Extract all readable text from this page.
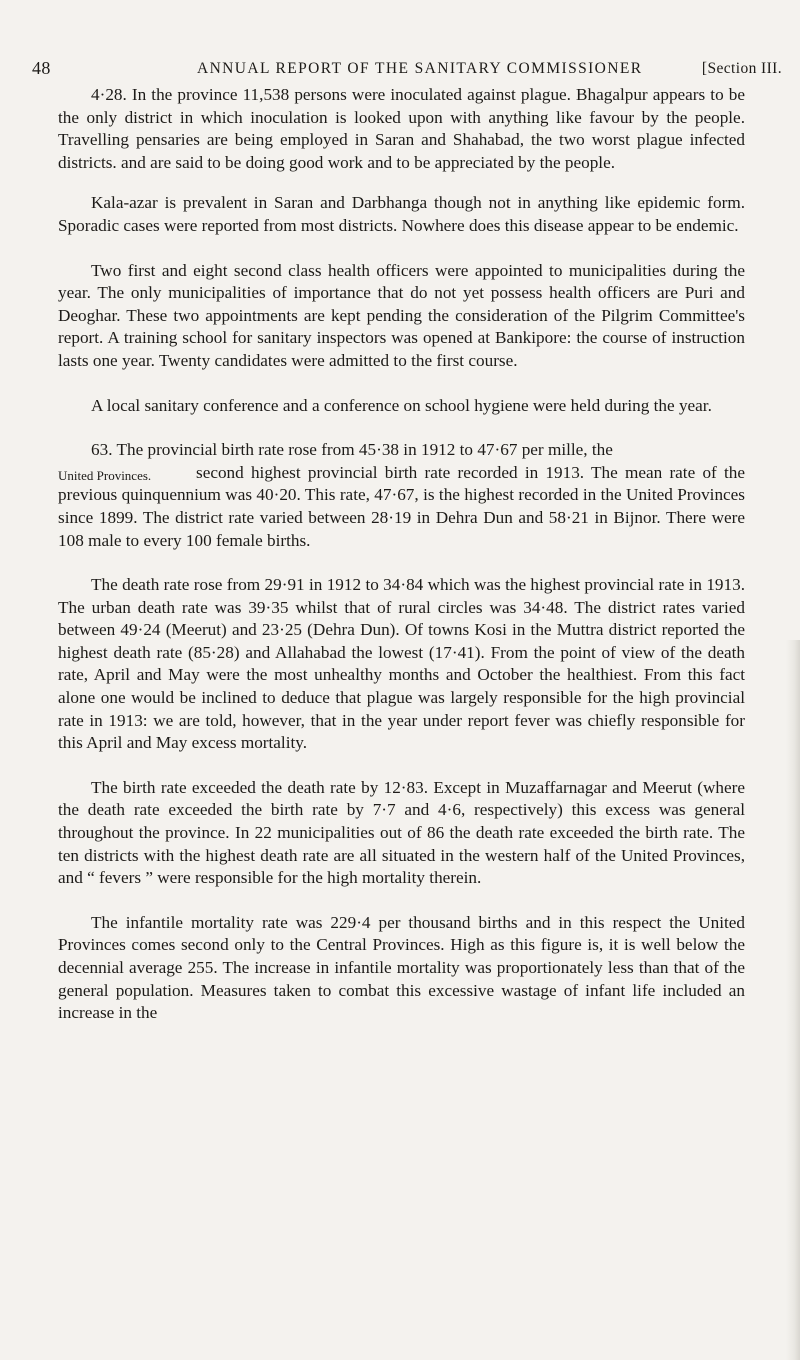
48	ANNUAL REPORT OF THE SANITARY COMMISSIONER	[Section III.

4·28. In the province 11,538 persons were inoculated against plague. Bhagalpur appears to be the only district in which inoculation is looked upon with anything like favour by the people. Travelling pensaries are being employed in Saran and Shahabad, the two worst plague infected districts. and are said to be doing good work and to be appreciated by the people.

Kala-azar is prevalent in Saran and Darbhanga though not in anything like epidemic form. Sporadic cases were reported from most districts. Nowhere does this disease appear to be endemic.

Two first and eight second class health officers were appointed to municipalities during the year. The only municipalities of importance that do not yet possess health officers are Puri and Deoghar. These two appointments are kept pending the consideration of the Pilgrim Committee's report. A training school for sanitary inspectors was opened at Bankipore: the course of instruction lasts one year. Twenty candidates were admitted to the first course.

A local sanitary conference and a conference on school hygiene were held during the year.

63. The provincial birth rate rose from 45·38 in 1912 to 47·67 per mille, the

United Provinces.	second highest provincial birth rate recorded in 1913. The mean rate of the previous quinquennium was 40·20. This rate, 47·67, is the highest recorded in the United Provinces since 1899. The district rate varied between 28·19 in Dehra Dun and 58·21 in Bijnor. There were 108 male to every 100 female births.

The death rate rose from 29·91 in 1912 to 34·84 which was the highest provincial rate in 1913. The urban death rate was 39·35 whilst that of rural circles was 34·48. The district rates varied between 49·24 (Meerut) and 23·25 (Dehra Dun). Of towns Kosi in the Muttra district reported the highest death rate (85·28) and Allahabad the lowest (17·41). From the point of view of the death rate, April and May were the most unhealthy months and October the healthiest. From this fact alone one would be inclined to deduce that plague was largely responsible for the high provincial rate in 1913: we are told, however, that in the year under report fever was chiefly responsible for this April and May excess mortality.

The birth rate exceeded the death rate by 12·83. Except in Muzaffarnagar and Meerut (where the death rate exceeded the birth rate by 7·7 and 4·6, respectively) this excess was general throughout the province. In 22 municipalities out of 86 the death rate exceeded the birth rate. The ten districts with the highest death rate are all situated in the western half of the United Provinces, and “ fevers ” were responsible for the high mortality therein.

The infantile mortality rate was 229·4 per thousand births and in this respect the United Provinces comes second only to the Central Provinces. High as this figure is, it is well below the decennial average 255. The increase in infantile mortality was proportionately less than that of the general population. Measures taken to combat this excessive wastage of infant life included an increase in the
